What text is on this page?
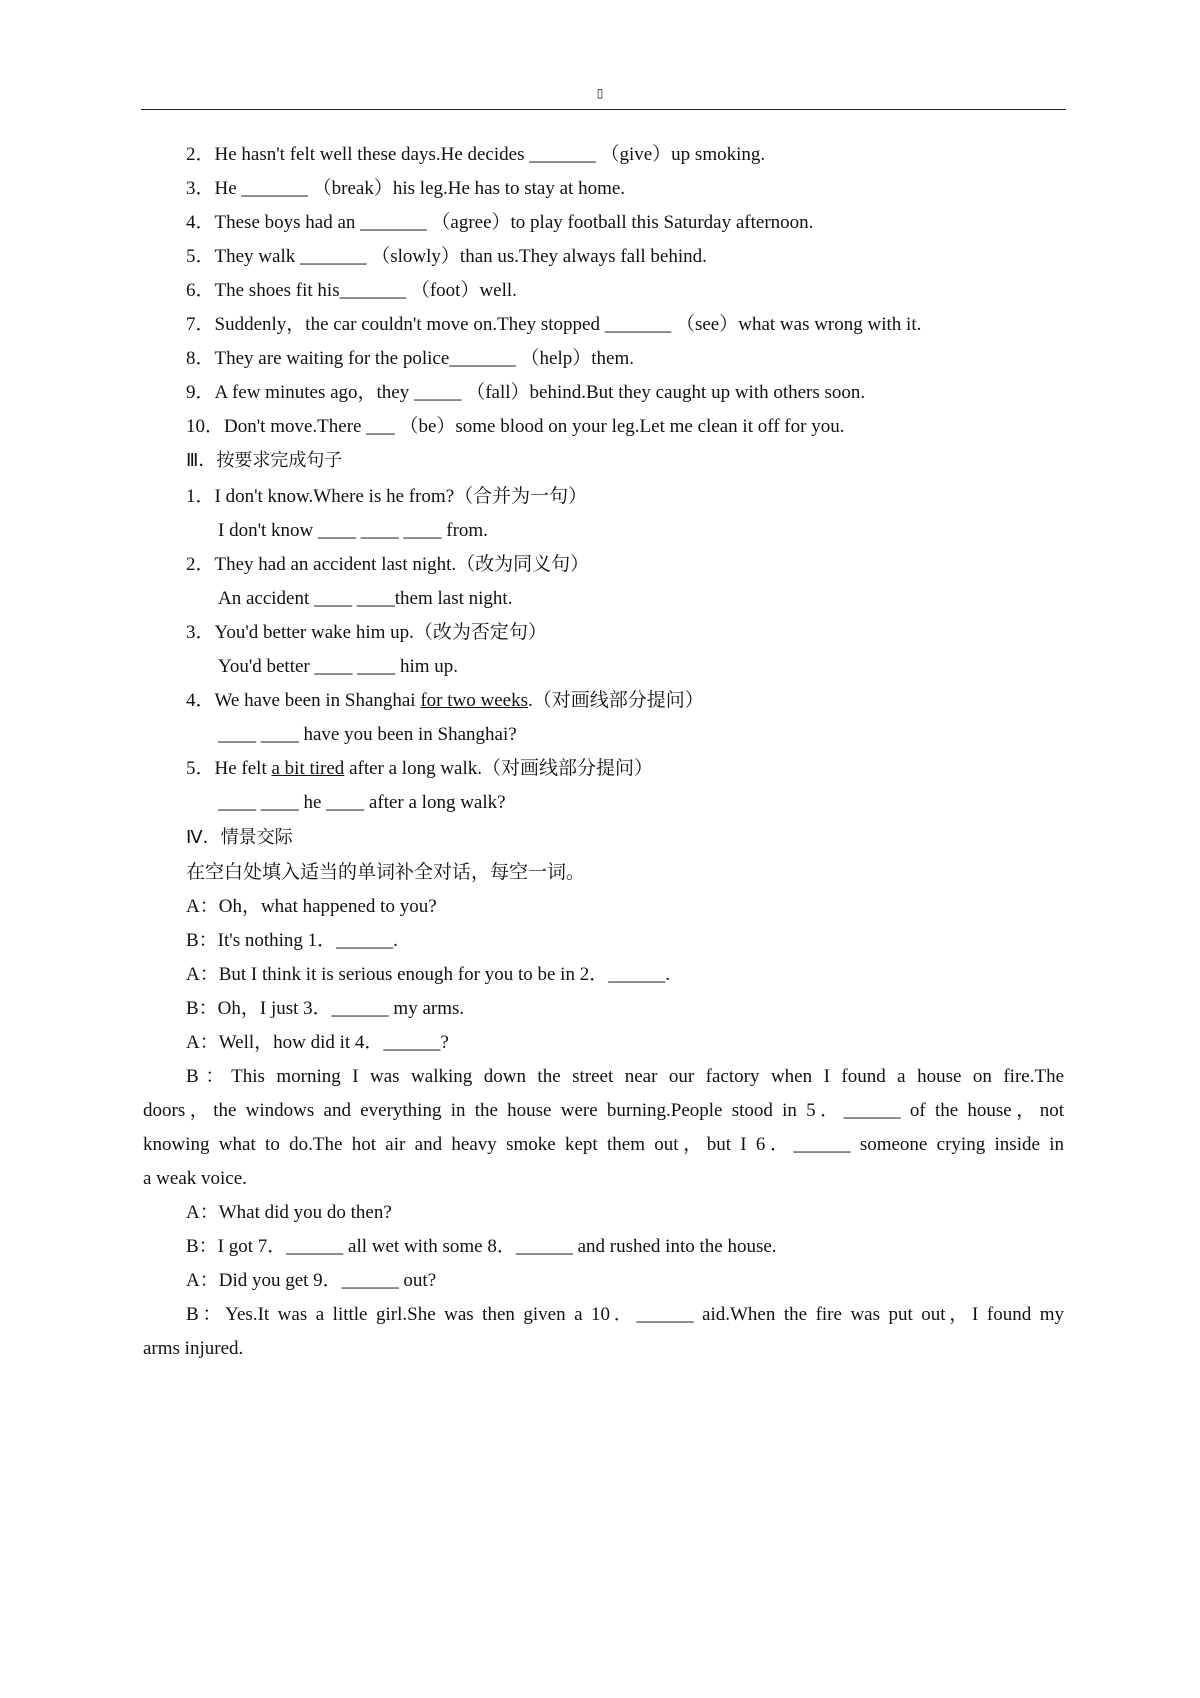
▯
2．He hasn't felt well these days.He decides _______ （give）up smoking.
3．He _______ （break）his leg.He has to stay at home.
4．These boys had an _______ （agree）to play football this Saturday afternoon.
5．They walk _______ （slowly）than us.They always fall behind.
6．The shoes fit his_______ （foot）well.
7．Suddenly，the car couldn't move on.They stopped _______ （see）what was wrong with it.
8．They are waiting for the police_______ （help）them.
9．A few minutes ago，they _____ （fall）behind.But they caught up with others soon.
10．Don't move.There ___ （be）some blood on your leg.Let me clean it off for you.
Ⅲ．按要求完成句子
1．I don't know.Where is he from?（合并为一句）
I don't know ____ ____ ____ from.
2．They had an accident last night.（改为同义句）
An accident ____ ____them last night.
3．You'd better wake him up.（改为否定句）
You'd better ____ ____ him up.
4．We have been in Shanghai for two weeks.（对画线部分提问）
____ ____ have you been in Shanghai?
5．He felt a bit tired after a long walk.（对画线部分提问）
____ ____ he ____ after a long walk?
Ⅳ．情景交际
在空白处填入适当的单词补全对话，每空一词。
A：Oh，what happened to you?
B：It's nothing 1．______.
A：But I think it is serious enough for you to be in 2．______.
B：Oh，I just 3．______ my arms.
A：Well，how did it 4．______?
B：This morning I was walking down the street near our factory when I found a house on fire.The
doors，the windows and everything in the house were burning.People stood in 5．______ of the house，not
knowing what to do.The hot air and heavy smoke kept them out，but I 6．______ someone crying inside in
a weak voice.
A：What did you do then?
B：I got 7．______ all wet with some 8．______ and rushed into the house.
A：Did you get 9．______ out?
B：Yes.It was a little girl.She was then given a 10．______ aid.When the fire was put out，I found my
arms injured.
